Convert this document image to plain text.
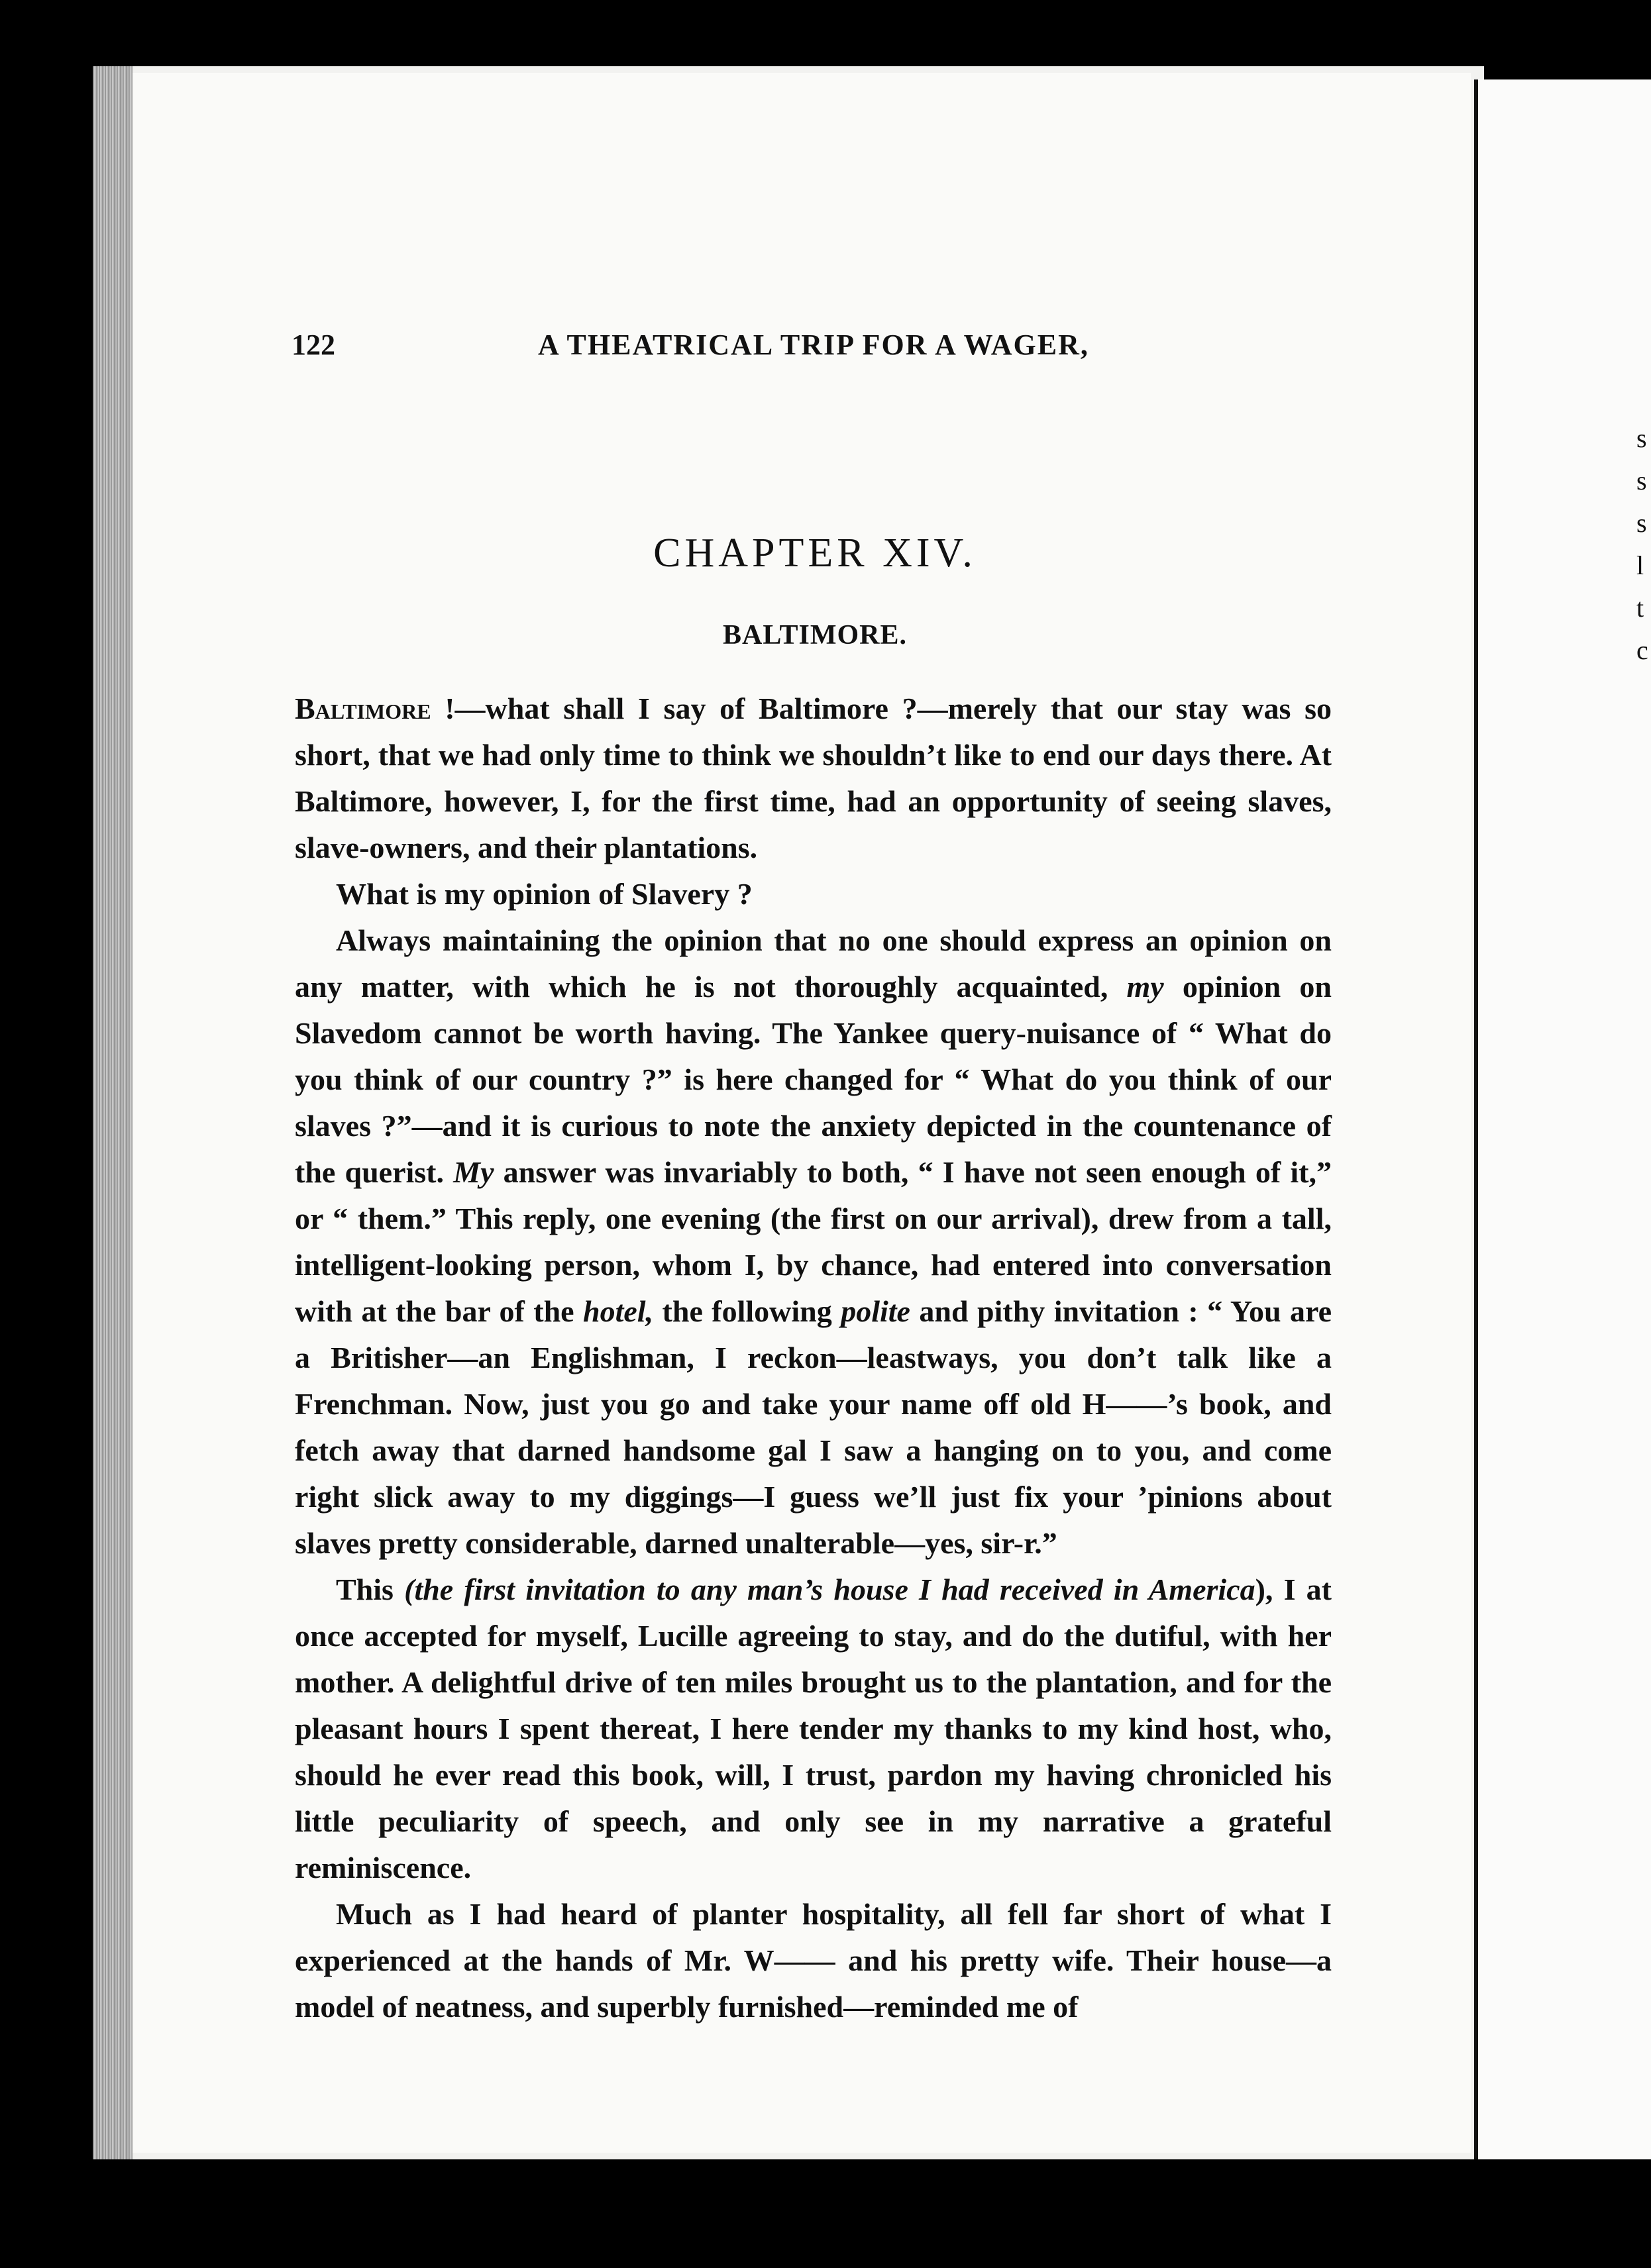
s s s l t c
122	A THEATRICAL TRIP FOR A WAGER,
CHAPTER XIV.
BALTIMORE.

Baltimore !—what shall I say of Baltimore ?—merely that our stay was so short, that we had only time to think we shouldn’t like to end our days there. At Baltimore, however, I, for the first time, had an opportunity of seeing slaves, slave-owners, and their plantations.

What is my opinion of Slavery ?

Always maintaining the opinion that no one should express an opinion on any matter, with which he is not thoroughly acquainted, my opinion on Slavedom cannot be worth having. The Yankee query-nuisance of “ What do you think of our country ?” is here changed for “ What do you think of our slaves ?”—and it is curious to note the anxiety depicted in the countenance of the querist. My answer was invariably to both, “ I have not seen enough of it,” or “ them.” This reply, one evening (the first on our arrival), drew from a tall, intelligent-looking person, whom I, by chance, had entered into conversation with at the bar of the hotel, the following polite and pithy invitation : “ You are a Britisher—an Englishman, I reckon—leastways, you don’t talk like a Frenchman. Now, just you go and take your name off old H——’s book, and fetch away that darned handsome gal I saw a hanging on to you, and come right slick away to my diggings—I guess we’ll just fix your ’pinions about slaves pretty considerable, darned unalterable—yes, sir-r.”

This (the first invitation to any man’s house I had received in America), I at once accepted for myself, Lucille agreeing to stay, and do the dutiful, with her mother. A delightful drive of ten miles brought us to the plantation, and for the pleasant hours I spent thereat, I here tender my thanks to my kind host, who, should he ever read this book, will, I trust, pardon my having chronicled his little peculiarity of speech, and only see in my narrative a grateful reminiscence.

Much as I had heard of planter hospitality, all fell far short of what I experienced at the hands of Mr. W—— and his pretty wife. Their house—a model of neatness, and superbly furnished—reminded me of
